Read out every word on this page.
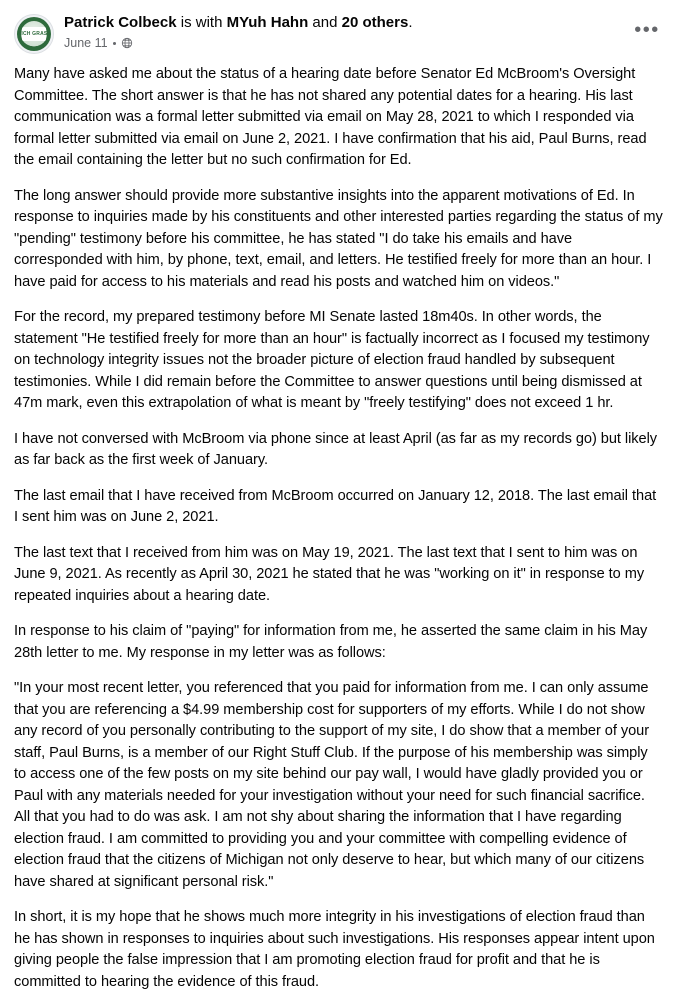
MICH GRASS
Patrick Colbeck is with MYuh Hahn and 20 others.
June 11
•••

Many have asked me about the status of a hearing date before Senator Ed McBroom's Oversight Committee. The short answer is that he has not shared any potential dates for a hearing. His last communication was a formal letter submitted via email on May 28, 2021 to which I responded via formal letter submitted via email on June 2, 2021. I have confirmation that his aid, Paul Burns, read the email containing the letter but no such confirmation for Ed.

The long answer should provide more substantive insights into the apparent motivations of Ed. In response to inquiries made by his constituents and other interested parties regarding the status of my "pending" testimony before his committee, he has stated "I do take his emails and have corresponded with him, by phone, text, email, and letters. He testified freely for more than an hour. I have paid for access to his materials and read his posts and watched him on videos."

For the record, my prepared testimony before MI Senate lasted 18m40s. In other words, the statement "He testified freely for more than an hour" is factually incorrect as I focused my testimony on technology integrity issues not the broader picture of election fraud handled by subsequent testimonies. While I did remain before the Committee to answer questions until being dismissed at 47m mark, even this extrapolation of what is meant by "freely testifying" does not exceed 1 hr.

I have not conversed with McBroom via phone since at least April (as far as my records go) but likely as far back as the first week of January.

The last email that I have received from McBroom occurred on January 12, 2018. The last email that I sent him was on June 2, 2021.

The last text that I received from him was on May 19, 2021. The last text that I sent to him was on June 9, 2021. As recently as April 30, 2021 he stated that he was "working on it" in response to my repeated inquiries about a hearing date.

In response to his claim of "paying" for information from me, he asserted the same claim in his May 28th letter to me. My response in my letter was as follows:

"In your most recent letter, you referenced that you paid for information from me. I can only assume that you are referencing a $4.99 membership cost for supporters of my efforts. While I do not show any record of you personally contributing to the support of my site, I do show that a member of your staff, Paul Burns, is a member of our Right Stuff Club. If the purpose of his membership was simply to access one of the few posts on my site behind our pay wall, I would have gladly provided you or Paul with any materials needed for your investigation without your need for such financial sacrifice. All that you had to do was ask. I am not shy about sharing the information that I have regarding election fraud. I am committed to providing you and your committee with compelling evidence of election fraud that the citizens of Michigan not only deserve to hear, but which many of our citizens have shared at significant personal risk."

In short, it is my hope that he shows much more integrity in his investigations of election fraud than he has shown in responses to inquiries about such investigations. His responses appear intent upon giving people the false impression that I am promoting election fraud for profit and that he is committed to hearing the evidence of this fraud.
